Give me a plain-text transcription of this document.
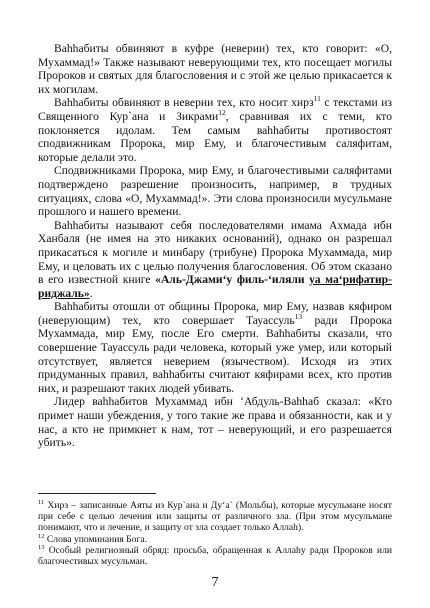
Ваhhабиты обвиняют в куфре (неверии) тех, кто говорит: «О, Мухаммад!» Также называют неверующими тех, кто посещает могилы Пророков и святых для благословения и с этой же целью прикасается к их могилам.

Ваhhабиты обвиняют в неверии тех, кто носит хирз$^{11}$ с текстами из Священного Кур`ана и Зикрами$^{12}$, сравнивая их с теми, кто поклоняется идолам. Тем самым ваhhабиты противостоят сподвижникам Пророка, мир Ему, и благочестивым саляфитам, которые делали это.

Сподвижниками Пророка, мир Ему, и благочестивыми саляфитами подтверждено разрешение произносить, например, в трудных ситуациях, слова «О, Мухаммад!». Эти слова произносили мусульмане прошлого и нашего времени.

Ваhhабиты называют себя последователями имама Ахмада ибн Ханбаля (не имея на это никаких оснований), однако он разрешал прикасаться к могиле и минбару (трибуне) Пророка Мухаммада, мир Ему, и целовать их с целью получения благословения. Об этом сказано в его известной книге «Аль-Джами‘у филь-‘иляли уа ма‘рифатир-риджаль».

Ваhhабиты отошли от общины Пророка, мир Ему, назвав кяфиром (неверующим) тех, кто совершает Тауассуль$^{13}$ ради Пророка Мухаммада, мир Ему, после Его смерти. Ваhhабиты сказали, что совершение Тауассуль ради человека, который уже умер, или который отсутствует, является неверием (язычеством). Исходя из этих придуманных правил, ваhhабиты считают кяфирами всех, кто против них, и разрешают таких людей убивать.

Лидер ваhhабитов Мухаммад ибн ‘Абдуль-Ваhhаб сказал: «Кто примет наши убеждения, у того такие же права и обязанности, как и у нас, а кто не примкнет к нам, тот – неверующий, и его разрешается убить».

$^{11}$ Хирз – записанные Аяты из Кур`ана и Ду‘а` (Мольбы), которые мусульмане носят при себе с целью лечения или защиты от различного зла. (При этом мусульмане понимают, что и лечение, и защиту от зла создает только Аллаh).

$^{12}$ Слова упоминания Бога.

$^{13}$ Особый религиозный обряд: просьба, обращенная к Аллаhу ради Пророков или благочестивых мусульман.

7
